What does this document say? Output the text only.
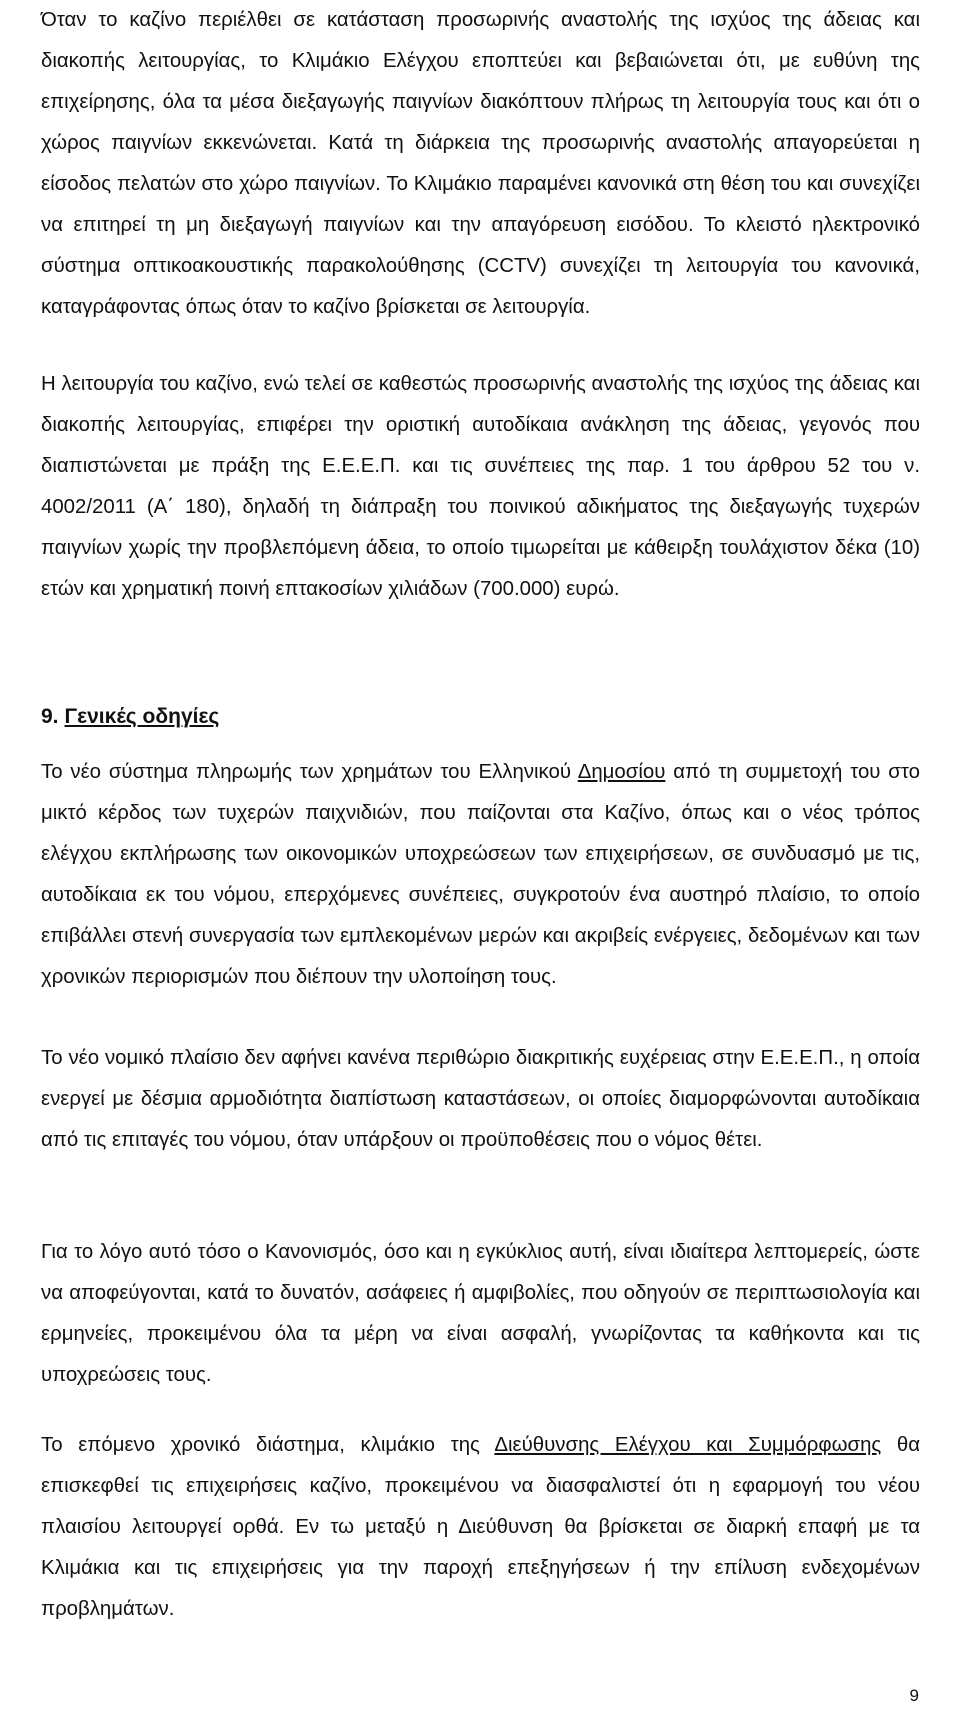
Όταν το καζίνο περιέλθει σε κατάσταση προσωρινής αναστολής της ισχύος της άδειας και διακοπής λειτουργίας, το Κλιμάκιο Ελέγχου εποπτεύει και βεβαιώνεται ότι, με ευθύνη της επιχείρησης, όλα τα μέσα διεξαγωγής παιγνίων διακόπτουν πλήρως τη λειτουργία τους και ότι ο χώρος παιγνίων εκκενώνεται. Κατά τη διάρκεια της προσωρινής αναστολής απαγορεύεται η είσοδος πελατών στο χώρο παιγνίων. Το Κλιμάκιο παραμένει κανονικά στη θέση του και συνεχίζει να επιτηρεί τη μη διεξαγωγή παιγνίων και την απαγόρευση εισόδου. Το κλειστό ηλεκτρονικό σύστημα οπτικοακουστικής παρακολούθησης (CCTV) συνεχίζει τη λειτουργία του κανονικά, καταγράφοντας όπως όταν το καζίνο βρίσκεται σε λειτουργία.

Η λειτουργία του καζίνο, ενώ τελεί σε καθεστώς προσωρινής αναστολής της ισχύος της άδειας και διακοπής λειτουργίας, επιφέρει την οριστική αυτοδίκαια ανάκληση της άδειας, γεγονός που διαπιστώνεται με πράξη της Ε.Ε.Ε.Π. και τις συνέπειες της παρ. 1 του άρθρου 52 του ν. 4002/2011 (Α΄ 180), δηλαδή τη διάπραξη του ποινικού αδικήματος της διεξαγωγής τυχερών παιγνίων χωρίς την προβλεπόμενη άδεια, το οποίο τιμωρείται με κάθειρξη τουλάχιστον δέκα (10) ετών και χρηματική ποινή επτακοσίων χιλιάδων (700.000) ευρώ.

9. Γενικές οδηγίες

Το νέο σύστημα πληρωμής των χρημάτων του Ελληνικού Δημοσίου από τη συμμετοχή του στο μικτό κέρδος των τυχερών παιχνιδιών, που παίζονται στα Καζίνο, όπως και ο νέος τρόπος ελέγχου εκπλήρωσης των οικονομικών υποχρεώσεων των επιχειρήσεων, σε συνδυασμό με τις, αυτοδίκαια εκ του νόμου, επερχόμενες συνέπειες, συγκροτούν ένα αυστηρό πλαίσιο, το οποίο επιβάλλει στενή συνεργασία των εμπλεκομένων μερών και ακριβείς ενέργειες, δεδομένων και των χρονικών περιορισμών που διέπουν την υλοποίηση τους.

Το νέο νομικό πλαίσιο δεν αφήνει κανένα περιθώριο διακριτικής ευχέρειας στην Ε.Ε.Ε.Π., η οποία ενεργεί με δέσμια αρμοδιότητα διαπίστωση καταστάσεων, οι οποίες διαμορφώνονται αυτοδίκαια από τις επιταγές του νόμου, όταν υπάρξουν οι προϋποθέσεις που ο νόμος θέτει.

Για το λόγο αυτό τόσο ο Κανονισμός, όσο και η εγκύκλιος αυτή, είναι ιδιαίτερα λεπτομερείς, ώστε να αποφεύγονται, κατά το δυνατόν, ασάφειες ή αμφιβολίες, που οδηγούν σε περιπτωσιολογία και ερμηνείες, προκειμένου όλα τα μέρη να είναι ασφαλή, γνωρίζοντας τα καθήκοντα και τις υποχρεώσεις τους.

Το επόμενο χρονικό διάστημα, κλιμάκιο της Διεύθυνσης Ελέγχου και Συμμόρφωσης θα επισκεφθεί τις επιχειρήσεις καζίνο, προκειμένου να διασφαλιστεί ότι η εφαρμογή του νέου πλαισίου λειτουργεί ορθά. Εν τω μεταξύ η Διεύθυνση θα βρίσκεται σε διαρκή επαφή με τα Κλιμάκια και τις επιχειρήσεις για την παροχή επεξηγήσεων ή την επίλυση ενδεχομένων προβλημάτων.

9
